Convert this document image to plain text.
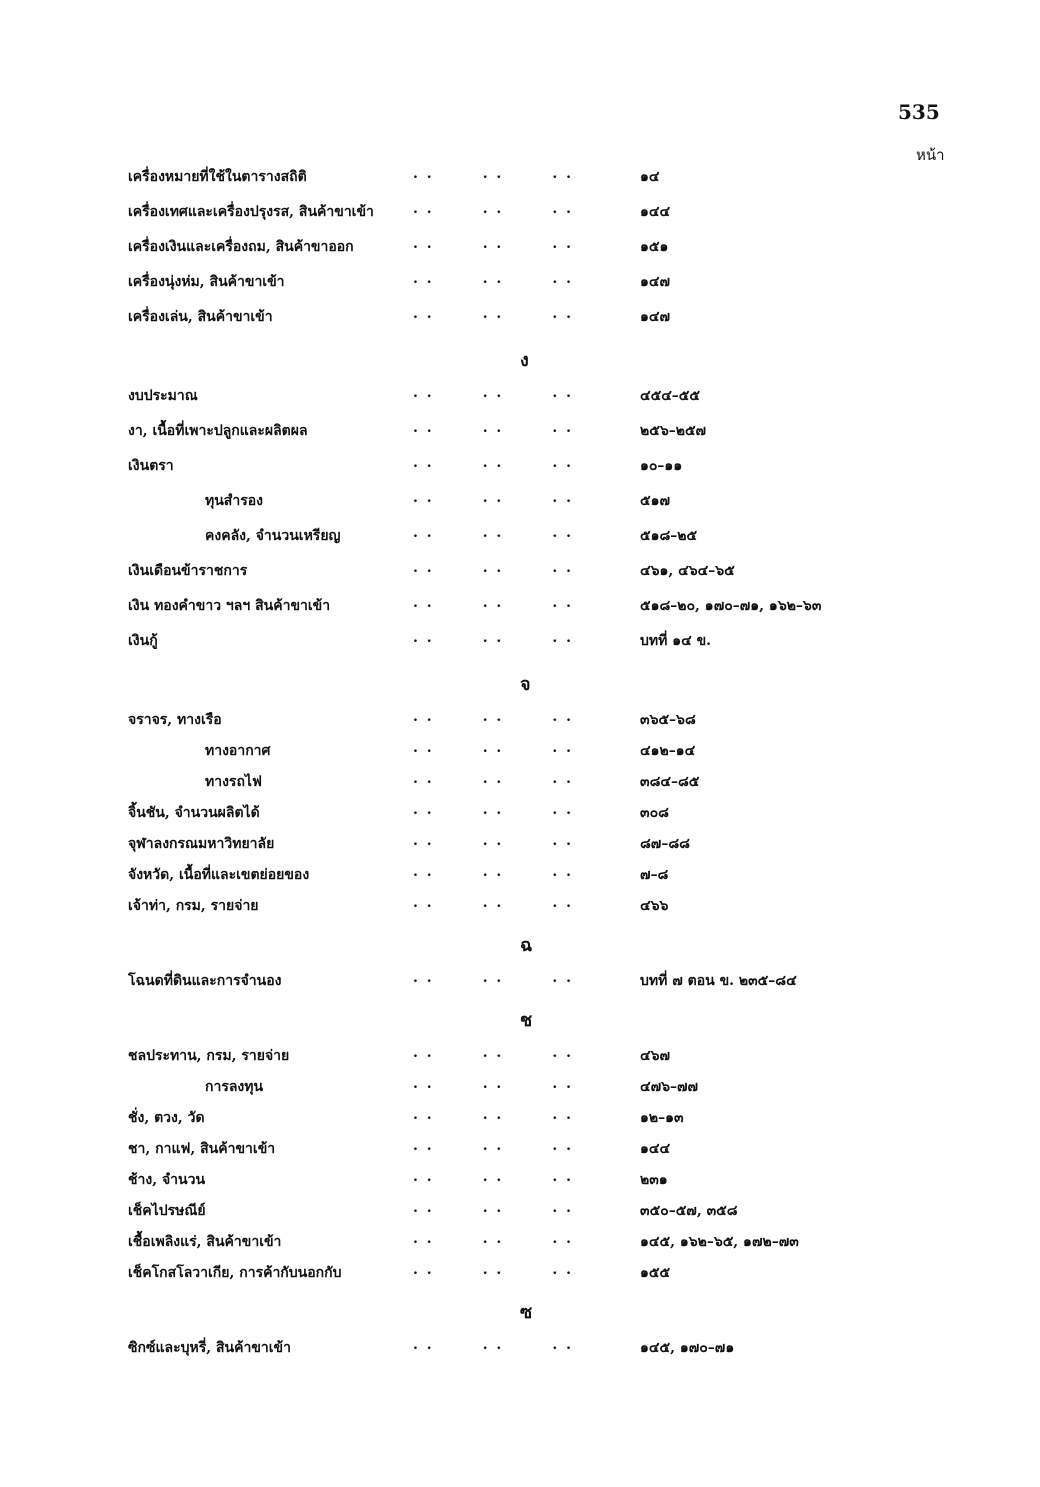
535
หน้า
เครื่องหมายที่ใช้ในตารางสถิติ	. .	. .	. .	๑๔
เครื่องเทศและเครื่องปรุงรส, สินค้าขาเข้า	. .	. .	. .	๑๔๔
เครื่องเงินและเครื่องถม, สินค้าขาออก	. .	. .	. .	๑๕๑
เครื่องนุ่งห่ม, สินค้าขาเข้า	. .	. .	. .	๑๔๗
เครื่องเล่น, สินค้าขาเข้า	. .	. .	. .	๑๔๗
ง
งบประมาณ	. .	. .	. .	๔๕๔–๕๕
งา, เนื้อที่เพาะปลูกและผลิตผล	. .	. .	. .	๒๕๖–๒๕๗
เงินตรา	. .	. .	. .	๑๐–๑๑
ทุนสำรอง	. .	. .	. .	๕๑๗
คงคลัง, จำนวนเหรียญ	. .	. .	. .	๕๑๘–๒๕
เงินเดือนข้าราชการ	. .	. .	. .	๔๖๑, ๔๖๔–๖๕
เงิน ทองคำขาว ฯลฯ สินค้าขาเข้า	. .	. .	. .	๕๑๘–๒๐, ๑๗๐–๗๑, ๑๖๒–๖๓
เงินกู้	. .	. .	. .	บทที่ ๑๔ ข.
จ
จราจร, ทางเรือ	. .	. .	. .	๓๖๕–๖๘
ทางอากาศ	. .	. .	. .	๔๑๒–๑๔
ทางรถไฟ	. .	. .	. .	๓๘๔–๘๕
จิ้นชัน, จำนวนผลิตได้	. .	. .	. .	๓๐๘
จุฬาลงกรณมหาวิทยาลัย	. .	. .	. .	๘๗–๘๘
จังหวัด, เนื้อที่และเขตย่อยของ	. .	. .	. .	๗–๘
เจ้าท่า, กรม, รายจ่าย	. .	. .	. .	๔๖๖
ฉ
โฉนดที่ดินและการจำนอง	. .	. .	. .	บทที่ ๗ ตอน ข. ๒๓๕–๘๔
ช
ชลประทาน, กรม, รายจ่าย	. .	. .	. .	๔๖๗
การลงทุน	. .	. .	. .	๔๗๖–๗๗
ชั่ง, ตวง, วัด	. .	. .	. .	๑๒–๑๓
ชา, กาแฟ, สินค้าขาเข้า	. .	. .	. .	๑๔๔
ช้าง, จำนวน	. .	. .	. .	๒๓๑
เช็คไปรษณีย์	. .	. .	. .	๓๕๐–๕๗, ๓๕๘
เชื้อเพลิงแร่, สินค้าขาเข้า	. .	. .	. .	๑๔๕, ๑๖๒–๖๕, ๑๗๒–๗๓
เช็คโกสโลวาเกีย, การค้ากับนอกกับ	. .	. .	. .	๑๕๕
ซ
ซิกซ์และบุหรี่, สินค้าขาเข้า	. .	. .	. .	๑๔๕, ๑๗๐–๗๑
